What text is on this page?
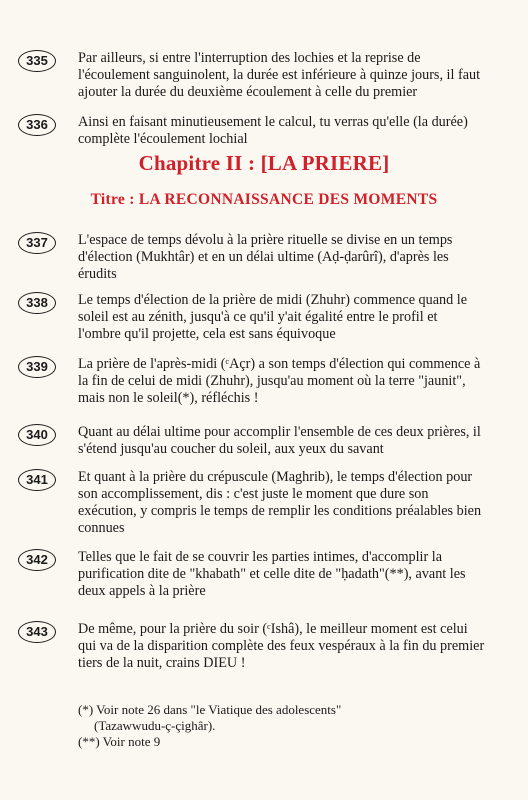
335	Par ailleurs, si entre l'interruption des lochies et la reprise de
l'écoulement sanguinolent, la durée est inférieure à quinze jours, il faut
ajouter la durée du deuxième écoulement à celle du premier
336	Ainsi en faisant minutieusement le calcul, tu verras qu'elle (la durée)
complète l'écoulement lochial
Chapitre II : [LA PRIERE]
Titre : LA RECONNAISSANCE DES MOMENTS
337	L'espace de temps dévolu à la prière rituelle se divise en un temps
d'élection (Mukhtâr) et en un délai ultime (Aḍ-ḍarûrî), d'après les
érudits
338	Le temps d'élection de la prière de midi (Zhuhr) commence quand le
soleil est au zénith, jusqu'à ce qu'il y'ait égalité entre le profil et
l'ombre qu'il projette, cela est sans équivoque
339	La prière de l'après-midi (ᶜAçr) a son temps d'élection qui commence à
la fin de celui de midi (Zhuhr), jusqu'au moment où la terre "jaunit",
mais non le soleil(*), réfléchis !
340	Quant au délai ultime pour accomplir l'ensemble de ces deux prières, il
s'étend jusqu'au coucher du soleil, aux yeux du savant
341	Et quant à la prière du crépuscule (Maghrib), le temps d'élection pour
son accomplissement, dis : c'est juste le moment que dure son
exécution, y compris le temps de remplir les conditions préalables bien
connues
342	Telles que le fait de se couvrir les parties intimes, d'accomplir la
purification dite de "khabath" et celle dite de "ḥadath"(**), avant les
deux appels à la prière
343	De même, pour la prière du soir (ᶜIshâ), le meilleur moment est celui
qui va de la disparition complète des feux vespéraux à la fin du premier
tiers de la nuit, crains DIEU !
(*) Voir note 26 dans "le Viatique des adolescents"
(Tazawwudu-ç-çighâr).
(**) Voir note 9
